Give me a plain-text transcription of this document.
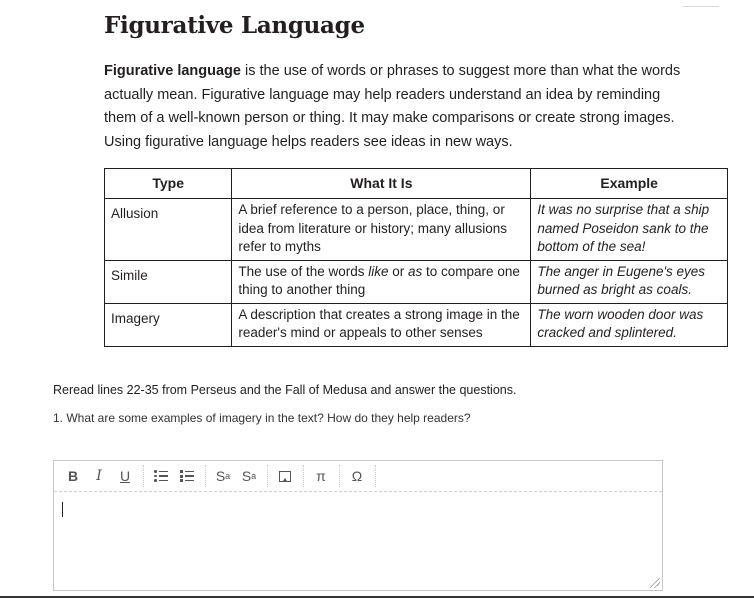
Figurative Language

Figurative language is the use of words or phrases to suggest more than what the words actually mean. Figurative language may help readers understand an idea by reminding them of a well-known person or thing. It may make comparisons or create strong images. Using figurative language helps readers see ideas in new ways.

Type	What It Is	Example
Allusion	A brief reference to a person, place, thing, or idea from literature or history; many allusions refer to myths	It was no surprise that a ship named Poseidon sank to the bottom of the sea!
Simile	The use of the words like or as to compare one thing to another thing	The anger in Eugene's eyes burned as bright as coals.
Imagery	A description that creates a strong image in the reader's mind or appeals to other senses	The worn wooden door was cracked and splintered.

Reread lines 22-35 from Perseus and the Fall of Medusa and answer the questions.

1. What are some examples of imagery in the text? How do they help readers?

B	I	U	S a S a	π	Ω
